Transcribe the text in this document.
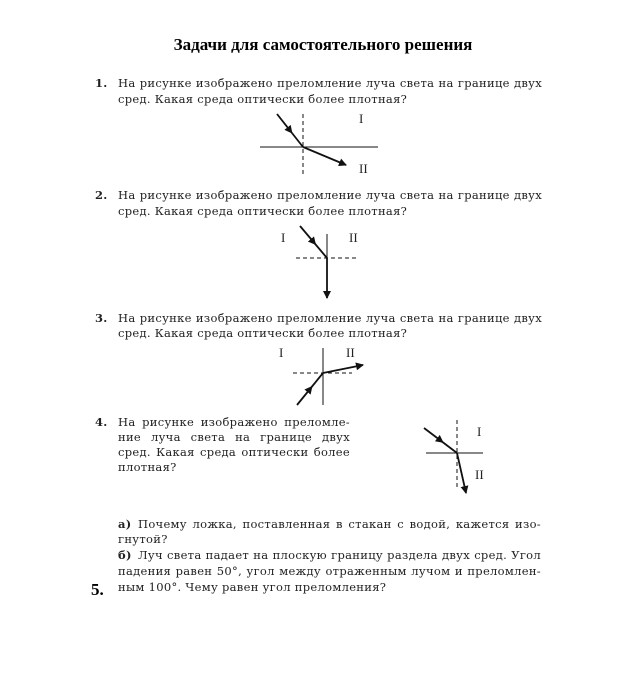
Задачи для самостоятельного решения
1. На рисунке изображено преломление луча света на границе двух
сред. Какая среда оптически более плотная?
2. На рисунке изображено преломление луча света на границе двух
сред. Какая среда оптически более плотная?
3. На рисунке изображено преломление луча света на границе двух
сред. Какая среда оптически более плотная?
4. На рисунке изображено преломле-
ние луча света на границе двух
сред. Какая среда оптически более
плотная?
5.
а) Почему ложка, поставленная в стакан с водой, кажется изо-
гнутой?
б) Луч света падает на плоскую границу раздела двух сред. Угол
падения равен 50°, угол между отраженным лучом и преломлен-
ным 100°. Чему равен угол преломления?
I
II
I	II
I	II
I
II
